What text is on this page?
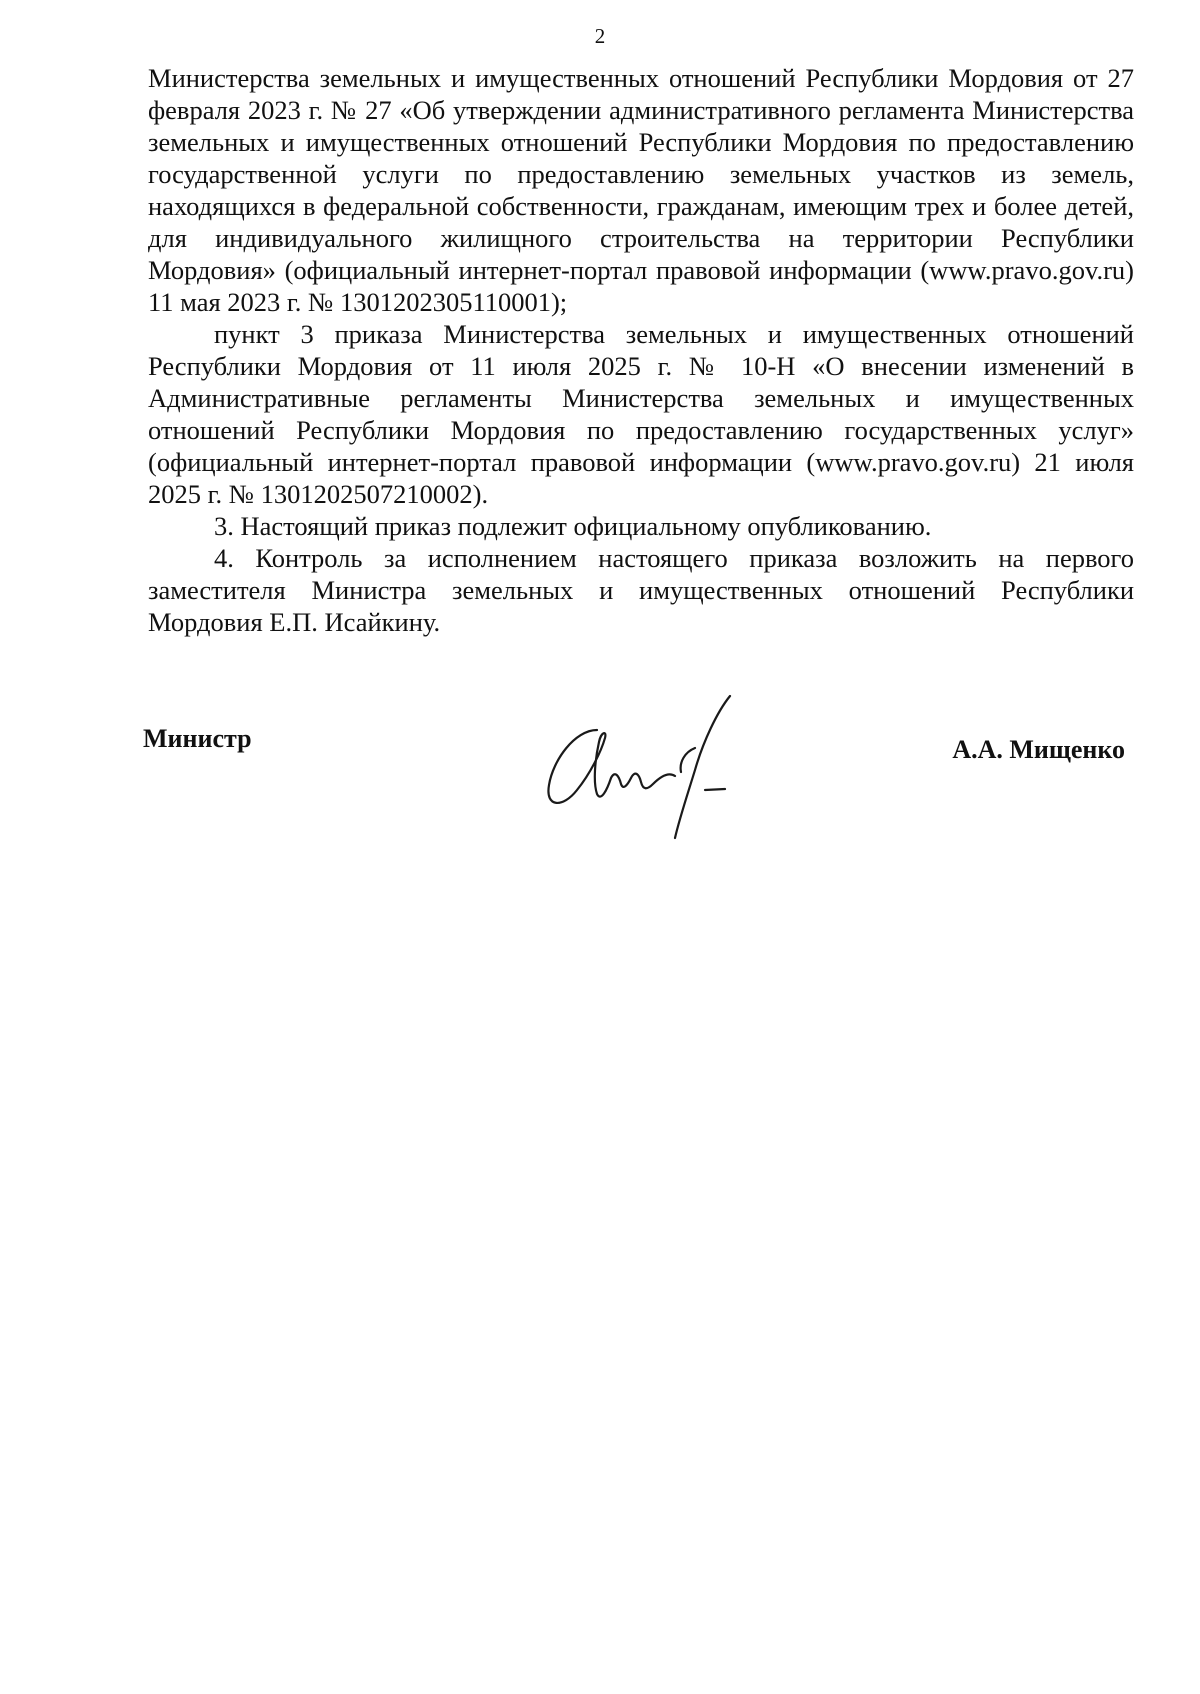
2

Министерства земельных и имущественных отношений Республики Мордовия от 27 февраля 2023 г. № 27 «Об утверждении административного регламента Министерства земельных и имущественных отношений Республики Мордовия по предоставлению государственной услуги по предоставлению земельных участков из земель, находящихся в федеральной собственности, гражданам, имеющим трех и более детей, для индивидуального жилищного строительства на территории Республики Мордовия» (официальный интернет-портал правовой информации (www.pravo.gov.ru) 11 мая 2023 г. № 1301202305110001);

пункт 3 приказа Министерства земельных и имущественных отношений Республики Мордовия от 11 июля 2025 г. № 10-Н «О внесении изменений в Административные регламенты Министерства земельных и имущественных отношений Республики Мордовия по предоставлению государственных услуг» (официальный интернет-портал правовой информации (www.pravo.gov.ru) 21 июля 2025 г. № 1301202507210002).

3. Настоящий приказ подлежит официальному опубликованию.

4. Контроль за исполнением настоящего приказа возложить на первого заместителя Министра земельных и имущественных отношений Республики Мордовия Е.П. Исайкину.

Министр	А.А. Мищенко
